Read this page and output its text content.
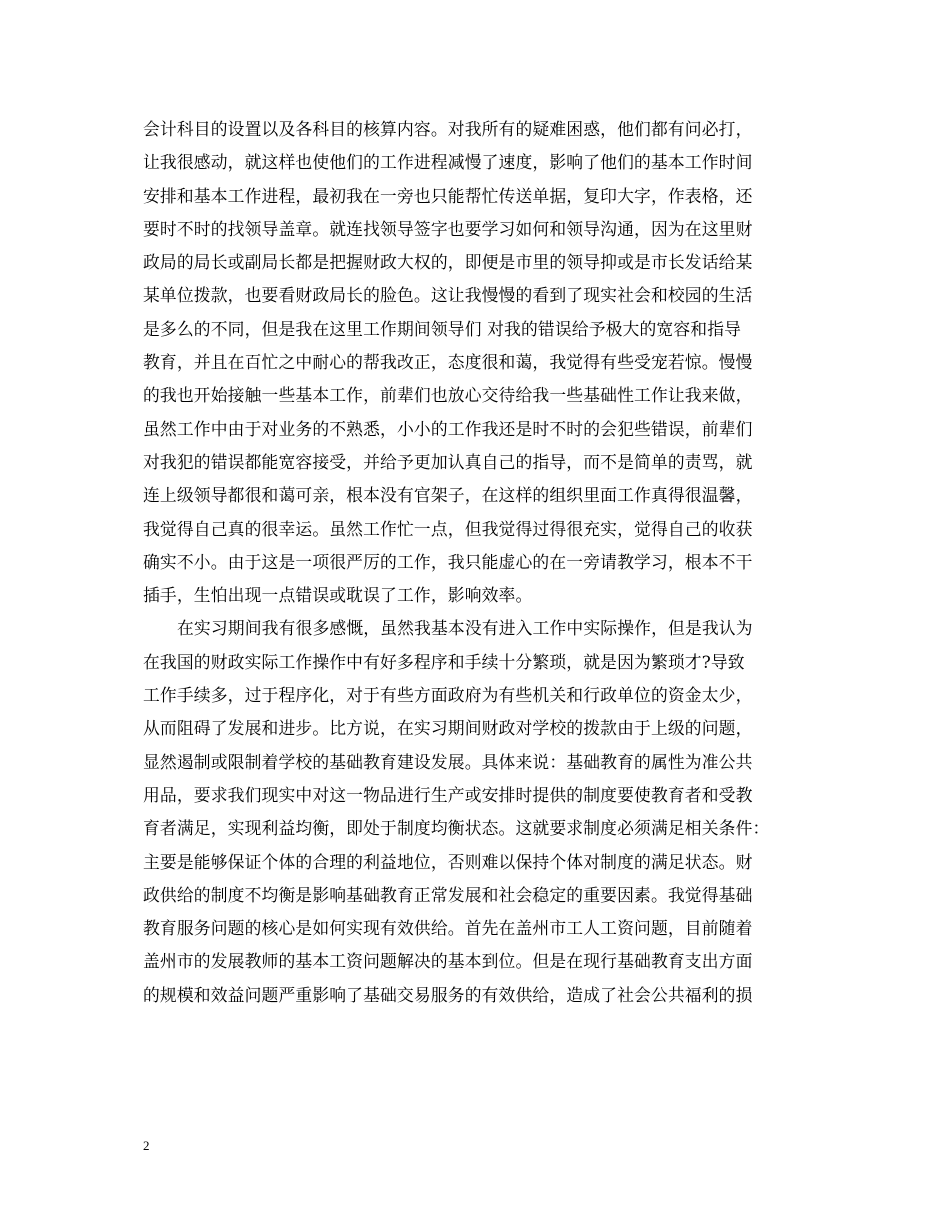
会计科目的设置以及各科目的核算内容。对我所有的疑难困惑，他们都有问必打，
让我很感动，就这样也使他们的工作进程减慢了速度，影响了他们的基本工作时间
安排和基本工作进程，最初我在一旁也只能帮忙传送单据，复印大字，作表格，还
要时不时的找领导盖章。就连找领导签字也要学习如何和领导沟通，因为在这里财
政局的局长或副局长都是把握财政大权的，即便是市里的领导抑或是市长发话给某
某单位拨款，也要看财政局长的脸色。这让我慢慢的看到了现实社会和校园的生活
是多么的不同，但是我在这里工作期间领导们 对我的错误给予极大的宽容和指导
教育，并且在百忙之中耐心的帮我改正，态度很和蔼，我觉得有些受宠若惊。慢慢
的我也开始接触一些基本工作，前辈们也放心交待给我一些基础性工作让我来做，
虽然工作中由于对业务的不熟悉，小小的工作我还是时不时的会犯些错误，前辈们
对我犯的错误都能宽容接受，并给予更加认真自己的指导，而不是简单的责骂，就
连上级领导都很和蔼可亲，根本没有官架子，在这样的组织里面工作真得很温馨，
我觉得自己真的很幸运。虽然工作忙一点，但我觉得过得很充实，觉得自己的收获
确实不小。由于这是一项很严厉的工作，我只能虚心的在一旁请教学习，根本不干
插手，生怕出现一点错误或耽误了工作，影响效率。
在实习期间我有很多感慨，虽然我基本没有进入工作中实际操作，但是我认为
在我国的财政实际工作操作中有好多程序和手续十分繁琐，就是因为繁琐才?导致
工作手续多，过于程序化，对于有些方面政府为有些机关和行政单位的资金太少，
从而阻碍了发展和进步。比方说，在实习期间财政对学校的拨款由于上级的问题，
显然遏制或限制着学校的基础教育建设发展。具体来说：基础教育的属性为准公共
用品，要求我们现实中对这一物品进行生产或安排时提供的制度要使教育者和受教
育者满足，实现利益均衡，即处于制度均衡状态。这就要求制度必须满足相关条件：
主要是能够保证个体的合理的利益地位，否则难以保持个体对制度的满足状态。财
政供给的制度不均衡是影响基础教育正常发展和社会稳定的重要因素。我觉得基础
教育服务问题的核心是如何实现有效供给。首先在盖州市工人工资问题，目前随着
盖州市的发展教师的基本工资问题解决的基本到位。但是在现行基础教育支出方面
的规模和效益问题严重影响了基础交易服务的有效供给，造成了社会公共福利的损
2
